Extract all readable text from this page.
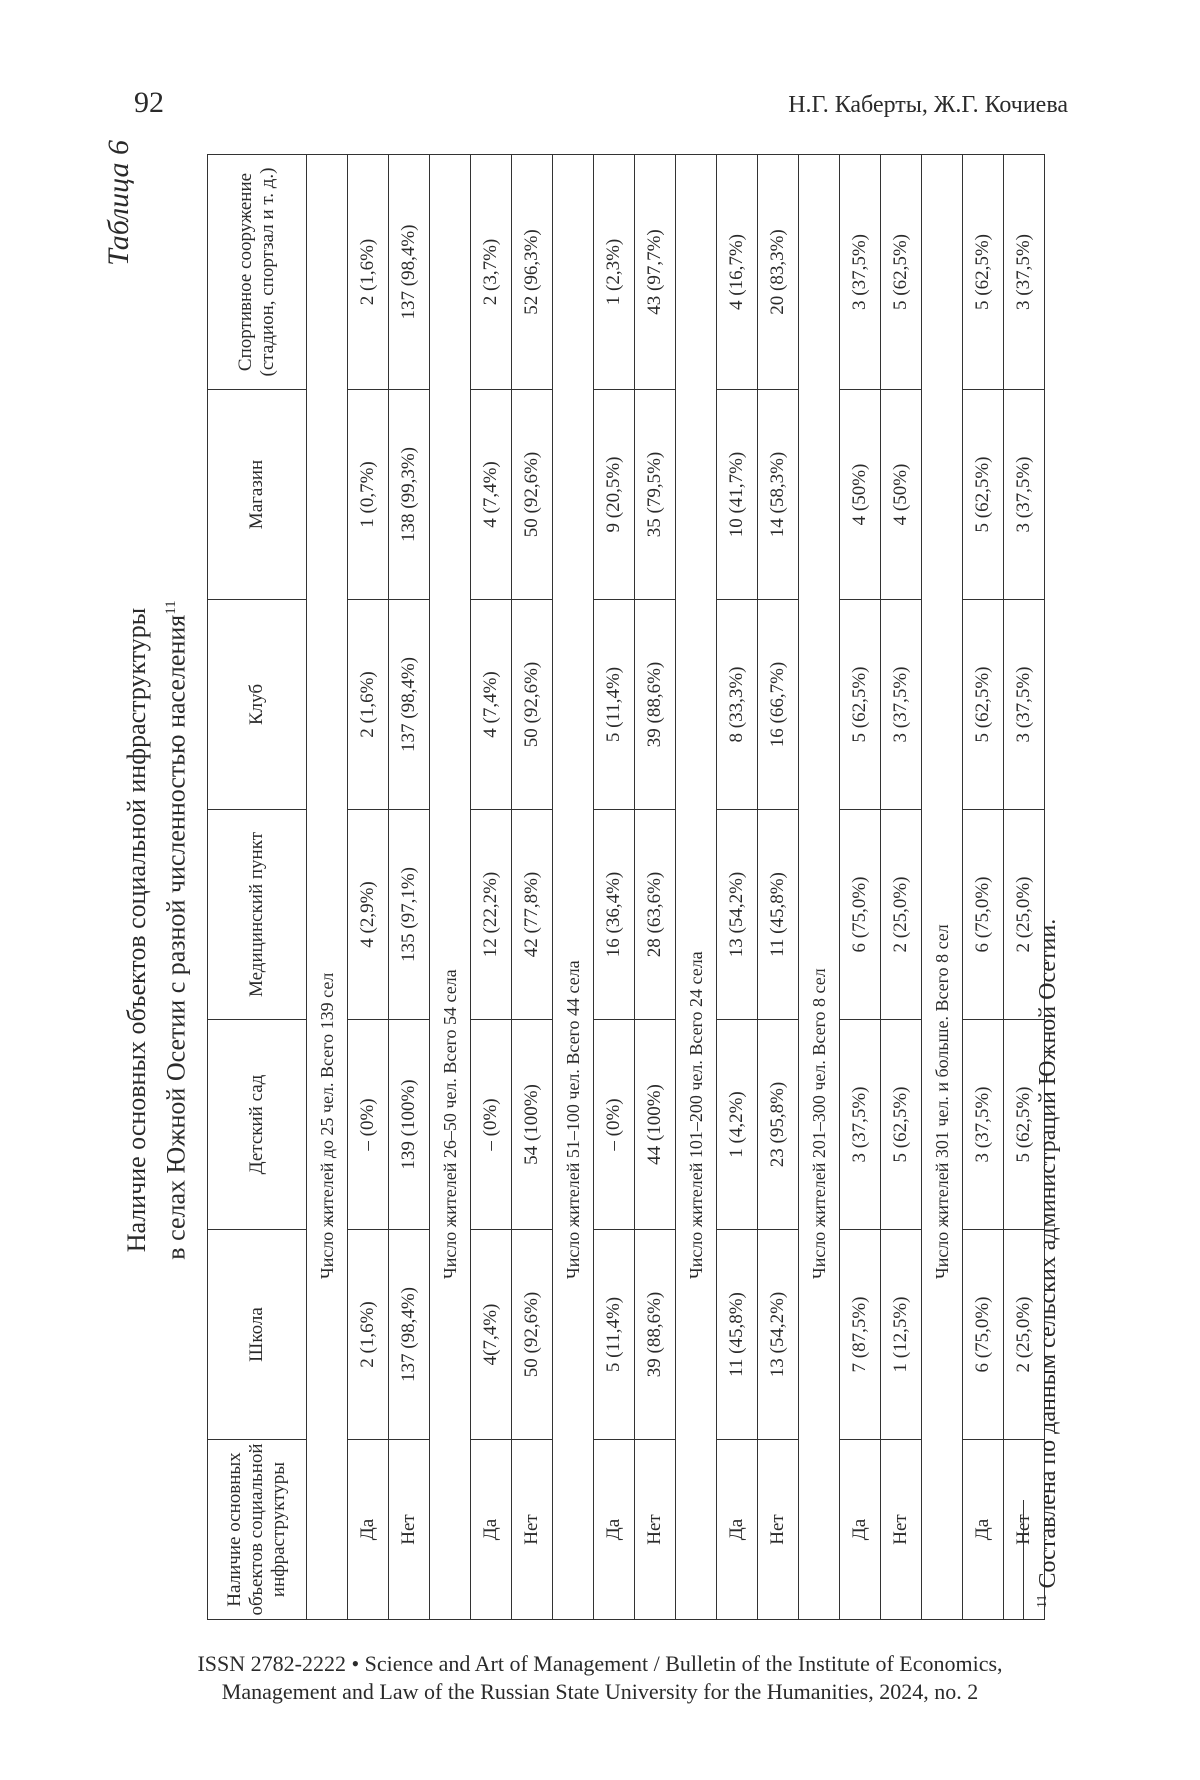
92	Н.Г. Каберты, Ж.Г. Кочиева
Таблица 6
Наличие основных объектов социальной инфраструктуры в селах Южной Осетии с разной численностью населения$^{11}$
Наличие основных объектов социальной инфраструктуры	Школа	Детский сад	Медицинский пункт	Клуб	Магазин	Спортивное сооружение (стадион, спортзал и т. д.)
Число жителей до 25 чел. Всего 139 сел						
Да	2 (1,6%)	– (0%)	4 (2,9%)	2 (1,6%)	1 (0,7%)	2 (1,6%)
Нет	137 (98,4%)	139 (100%)	135 (97,1%)	137 (98,4%)	138 (99,3%)	137 (98,4%)
Число жителей 26–50 чел. Всего 54 села						
Да	4(7,4%)	– (0%)	12 (22,2%)	4 (7,4%)	4 (7,4%)	2 (3,7%)
Нет	50 (92,6%)	54 (100%)	42 (77,8%)	50 (92,6%)	50 (92,6%)	52 (96,3%)
Число жителей 51–100 чел. Всего 44 села						
Да	5 (11,4%)	– (0%)	16 (36,4%)	5 (11,4%)	9 (20,5%)	1 (2,3%)
Нет	39 (88,6%)	44 (100%)	28 (63,6%)	39 (88,6%)	35 (79,5%)	43 (97,7%)
Число жителей 101–200 чел. Всего 24 села						
Да	11 (45,8%)	1 (4,2%)	13 (54,2%)	8 (33,3%)	10 (41,7%)	4 (16,7%)
Нет	13 (54,2%)	23 (95,8%)	11 (45,8%)	16 (66,7%)	14 (58,3%)	20 (83,3%)
Число жителей 201–300 чел. Всего 8 сел						
Да	7 (87,5%)	3 (37,5%)	6 (75,0%)	5 (62,5%)	4 (50%)	3 (37,5%)
Нет	1 (12,5%)	5 (62,5%)	2 (25,0%)	3 (37,5%)	4 (50%)	5 (62,5%)
Число жителей 301 чел. и больше. Всего 8 сел						
Да	6 (75,0%)	3 (37,5%)	6 (75,0%)	5 (62,5%)	5 (62,5%)	5 (62,5%)
Нет	2 (25,0%)	5 (62,5%)	2 (25,0%)	3 (37,5%)	3 (37,5%)	3 (37,5%)
$^{11}$ Составлена по данным сельских администраций Южной Осетии.
ISSN 2782-2222 • Science and Art of Management / Bulletin of the Institute of Economics,
Management and Law of the Russian State University for the Humanities, 2024, no. 2
